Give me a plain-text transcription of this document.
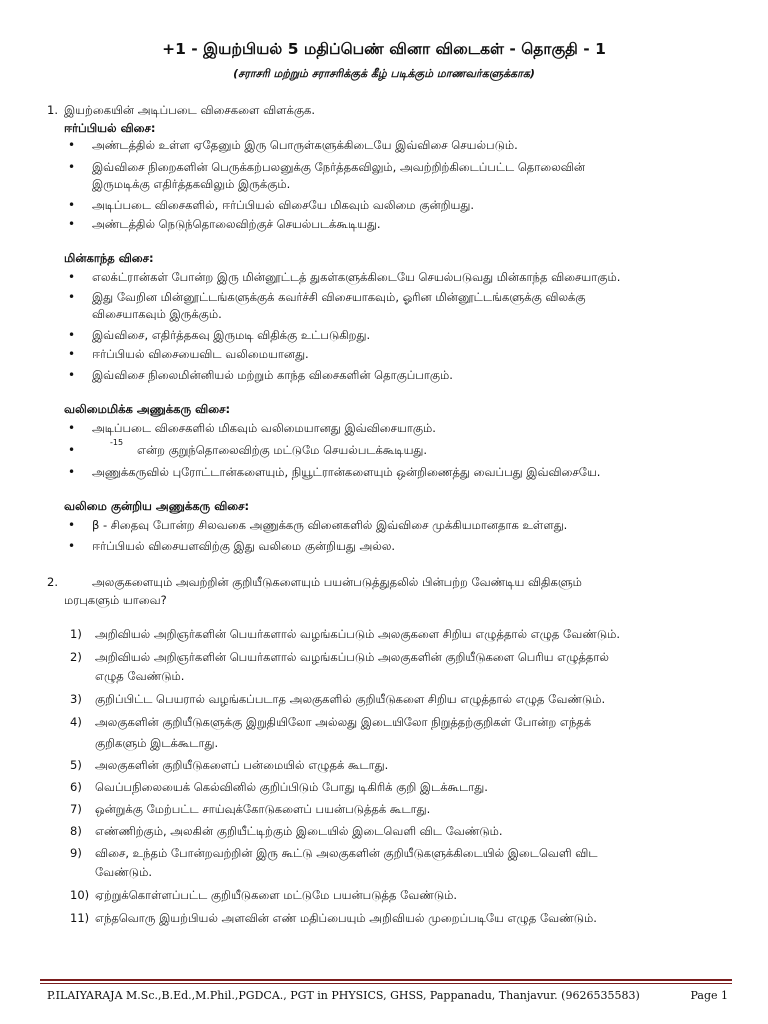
+1 - இயற்பியல் 5 மதிப்பெண் வினா விடைகள் - தொகுதி - 1
(சராசரி மற்றும் சராசரிக்குக் கீழ் படிக்கும் மாணவர்களுக்காக)
1. இயற்கையின் அடிப்படை விசைகளை விளக்குக.
ஈர்ப்பியல் விசை:
• அண்டத்தில் உள்ள ஏதேனும் இரு பொருள்களுக்கிடையே இவ்விசை செயல்படும்.
• இவ்விசை நிறைகளின் பெருக்கற்பலனுக்கு நேர்த்தகவிலும், அவற்றிற்கிடைப்பட்ட தொலைவின்
இருமடிக்கு எதிர்த்தகவிலும் இருக்கும்.
• அடிப்படை விசைகளில், ஈர்ப்பியல் விசையே மிகவும் வலிமை குன்றியது.
• அண்டத்தில் நெடுந்தொலைவிற்குச் செயல்படக்கூடியது.
மின்காந்த விசை:
• எலக்ட்ரான்கள் போன்ற இரு மின்னூட்டத் துகள்களுக்கிடையே செயல்படுவது மின்காந்த விசையாகும்.
• இது வேறின மின்னூட்டங்களுக்குக் கவர்ச்சி விசையாகவும், ஓரின மின்னூட்டங்களுக்கு விலக்கு
விசையாகவும் இருக்கும்.
• இவ்விசை, எதிர்த்தகவு இருமடி விதிக்கு உட்படுகிறது.
• ஈர்ப்பியல் விசையைவிட வலிமையானது.
• இவ்விசை நிலைமின்னியல் மற்றும் காந்த விசைகளின் தொகுப்பாகும்.
வலிமைமிக்க அணுக்கரு விசை:
• அடிப்படை விசைகளில் மிகவும் வலிமையானது இவ்விசையாகும்.
•
-15
என்ற குறுந்தொலைவிற்கு மட்டுமே செயல்படக்கூடியது.
• அணுக்கருவில் புரோட்டான்களையும், நியூட்ரான்களையும் ஒன்றிணைத்து வைப்பது இவ்விசையே.
வலிமை குன்றிய அணுக்கரு விசை:
• β - சிதைவு போன்ற சிலவகை அணுக்கரு வினைகளில் இவ்விசை முக்கியமானதாக உள்ளது.
• ஈர்ப்பியல் விசையளவிற்கு இது வலிமை குன்றியது அல்ல.
2.	அலகுகளையும் அவற்றின் குறியீடுகளையும் பயன்படுத்துதலில் பின்பற்ற வேண்டிய விதிகளும்
மரபுகளும் யாவை?
1) அறிவியல் அறிஞர்களின் பெயர்களால் வழங்கப்படும் அலகுகளை சிறிய எழுத்தால் எழுத வேண்டும்.
2) அறிவியல் அறிஞர்களின் பெயர்களால் வழங்கப்படும் அலகுகளின் குறியீடுகளை பெரிய எழுத்தால்
எழுத வேண்டும்.
3) குறிப்பிட்ட பெயரால் வழங்கப்படாத அலகுகளில் குறியீடுகளை சிறிய எழுத்தால் எழுத வேண்டும்.
4) அலகுகளின் குறியீடுகளுக்கு இறுதியிலோ அல்லது இடையிலோ நிறுத்தற்குறிகள் போன்ற எந்தக்
குறிகளும் இடக்கூடாது.
5) அலகுகளின் குறியீடுகளைப் பன்மையில் எழுதக் கூடாது.
6) வெப்பநிலையைக் கெல்வினில் குறிப்பிடும் போது டிகிரிக் குறி இடக்கூடாது.
7) ஒன்றுக்கு மேற்பட்ட சாய்வுக்கோடுகளைப் பயன்படுத்தக் கூடாது.
8) எண்ணிற்கும், அலகின் குறியீட்டிற்கும் இடையில் இடைவெளி விட வேண்டும்.
9) விசை, உந்தம் போன்றவற்றின் இரு கூட்டு அலகுகளின் குறியீடுகளுக்கிடையில் இடைவெளி விட
வேண்டும்.
10) ஏற்றுக்கொள்ளப்பட்ட குறியீடுகளை மட்டுமே பயன்படுத்த வேண்டும்.
11) எந்தவொரு இயற்பியல் அளவின் எண் மதிப்பையும் அறிவியல் முறைப்படியே எழுத வேண்டும்.
P.ILAIYARAJA M.Sc.,B.Ed.,M.Phil.,PGDCA., PGT in PHYSICS, GHSS, Pappanadu, Thanjavur. (9626535583)	Page 1
